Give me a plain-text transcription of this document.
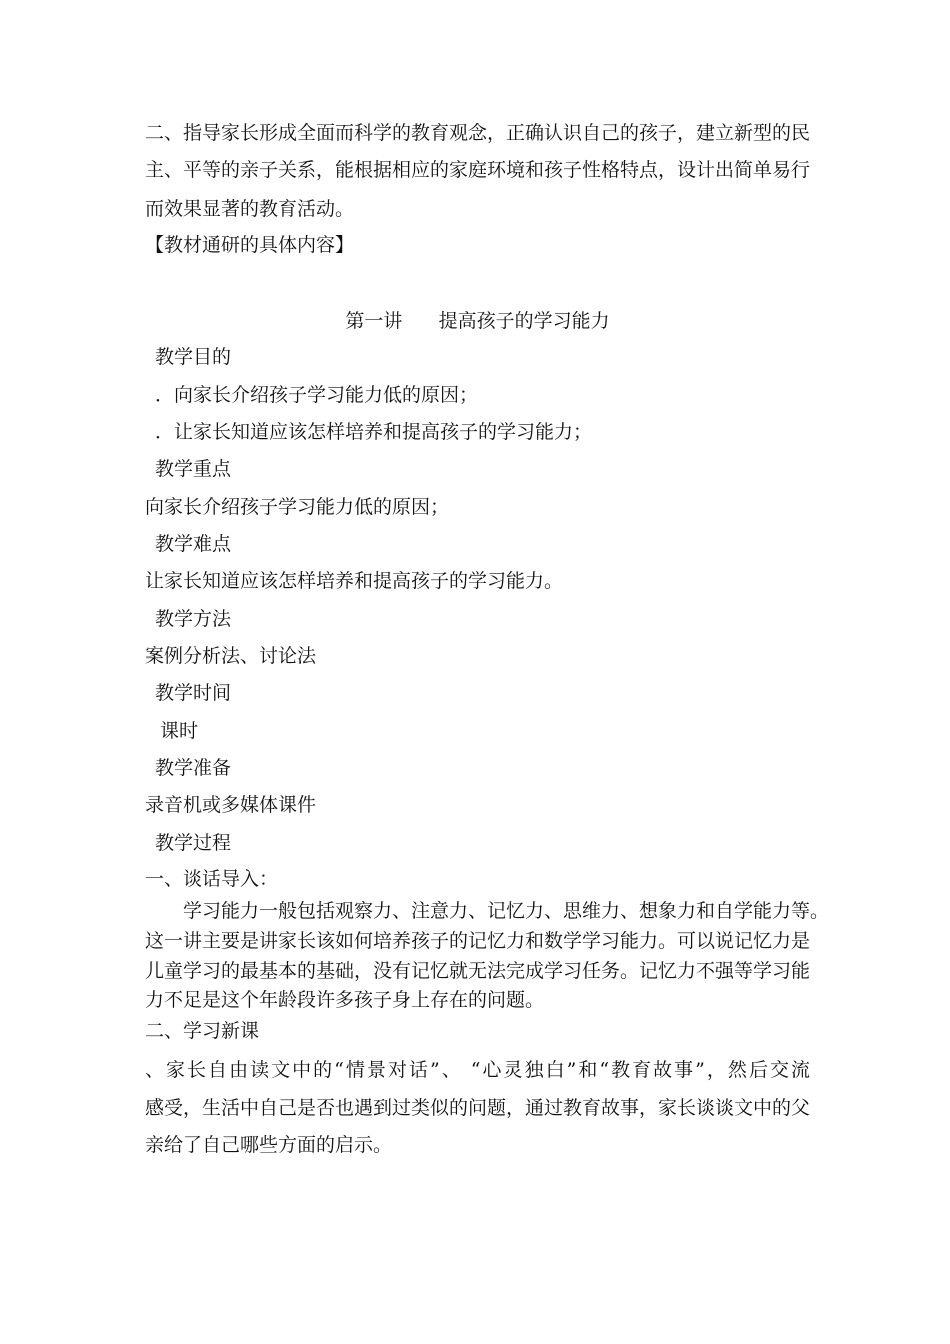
二、指导家长形成全面而科学的教育观念，正确认识自己的孩子，建立新型的民

主、平等的亲子关系，能根据相应的家庭环境和孩子性格特点，设计出简单易行

而效果显著的教育活动。

【教材通研的具体内容】

第一讲 提高孩子的学习能力

教学目的

．向家长介绍孩子学习能力低的原因；

．让家长知道应该怎样培养和提高孩子的学习能力；

教学重点

向家长介绍孩子学习能力低的原因；

教学难点

让家长知道应该怎样培养和提高孩子的学习能力。

教学方法

案例分析法、讨论法

教学时间

课时

教学准备

录音机或多媒体课件

教学过程

一、谈话导入：

学习能力一般包括观察力、注意力、记忆力、思维力、想象力和自学能力等。

这一讲主要是讲家长该如何培养孩子的记忆力和数学学习能力。可以说记忆力是

儿童学习的最基本的基础，没有记忆就无法完成学习任务。记忆力不强等学习能

力不足是这个年龄段许多孩子身上存在的问题。

二、学习新课

、家长自由读文中的“情景对话”、 “心灵独白”和“教育故事”，然后交流

感受，生活中自己是否也遇到过类似的问题，通过教育故事，家长谈谈文中的父

亲给了自己哪些方面的启示。
